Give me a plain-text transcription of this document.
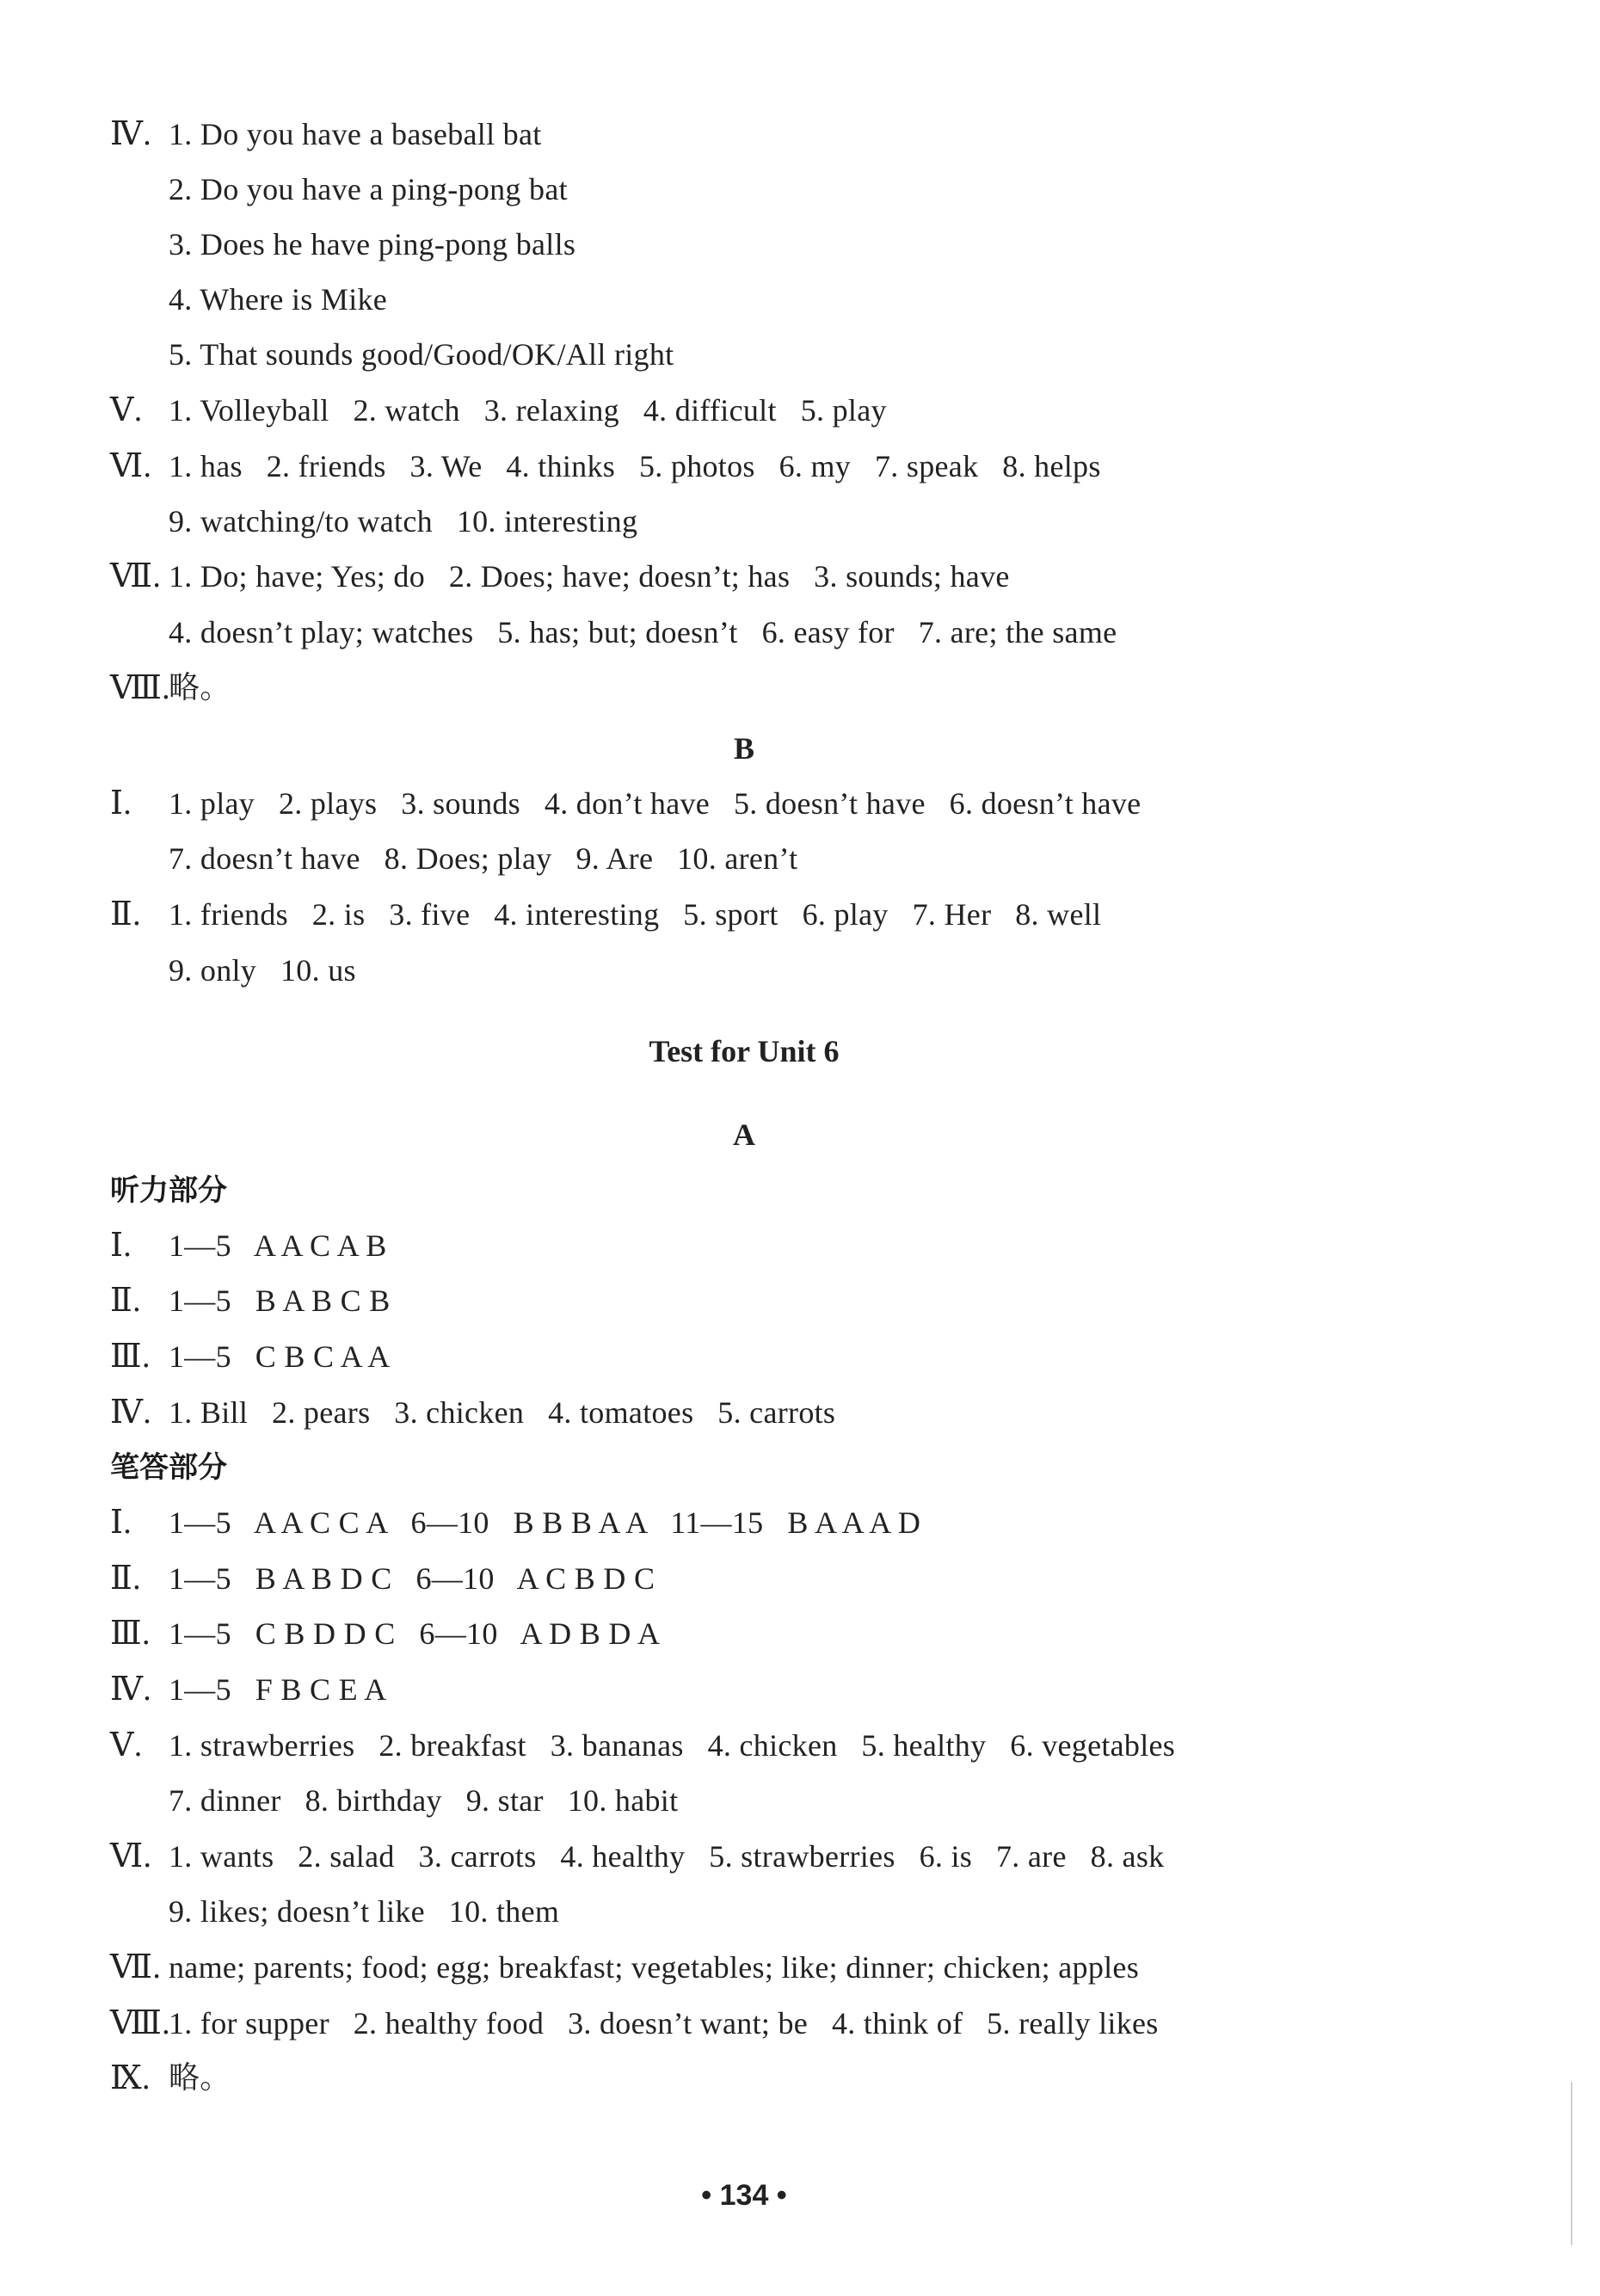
Ⅳ.

1. Do you have a baseball bat

2. Do you have a ping-pong bat

3. Does he have ping-pong balls

4. Where is Mike

5. That sounds good/Good/OK/All right

Ⅴ.

1. Volleyball   2. watch   3. relaxing   4. difficult   5. play

Ⅵ.

1. has   2. friends   3. We   4. thinks   5. photos   6. my   7. speak   8. helps

9. watching/to watch   10. interesting

Ⅶ.

1. Do; have; Yes; do   2. Does; have; doesn’t; has   3. sounds; have

4. doesn’t play; watches   5. has; but; doesn’t   6. easy for   7. are; the same

Ⅷ.

略。

B

Ⅰ.

1. play   2. plays   3. sounds   4. don’t have   5. doesn’t have   6. doesn’t have

7. doesn’t have   8. Does; play   9. Are   10. aren’t

Ⅱ.

1. friends   2. is   3. five   4. interesting   5. sport   6. play   7. Her   8. well

9. only   10. us

Test for Unit 6
A
听力部分

Ⅰ.

1—5   A A C A B

Ⅱ.

1—5   B A B C B

Ⅲ.

1—5   C B C A A

Ⅳ.

1. Bill   2. pears   3. chicken   4. tomatoes   5. carrots

笔答部分

Ⅰ.

1—5   A A C C A   6—10   B B B A A   11—15   B A A A D

Ⅱ.

1—5   B A B D C   6—10   A C B D C

Ⅲ.

1—5   C B D D C   6—10   A D B D A

Ⅳ.

1—5   F B C E A

Ⅴ.

1. strawberries   2. breakfast   3. bananas   4. chicken   5. healthy   6. vegetables

7. dinner   8. birthday   9. star   10. habit

Ⅵ.

1. wants   2. salad   3. carrots   4. healthy   5. strawberries   6. is   7. are   8. ask

9. likes; doesn’t like   10. them

Ⅶ.

name; parents; food; egg; breakfast; vegetables; like; dinner; chicken; apples

Ⅷ.

1. for supper   2. healthy food   3. doesn’t want; be   4. think of   5. really likes

Ⅸ.

略。

• 134 •
